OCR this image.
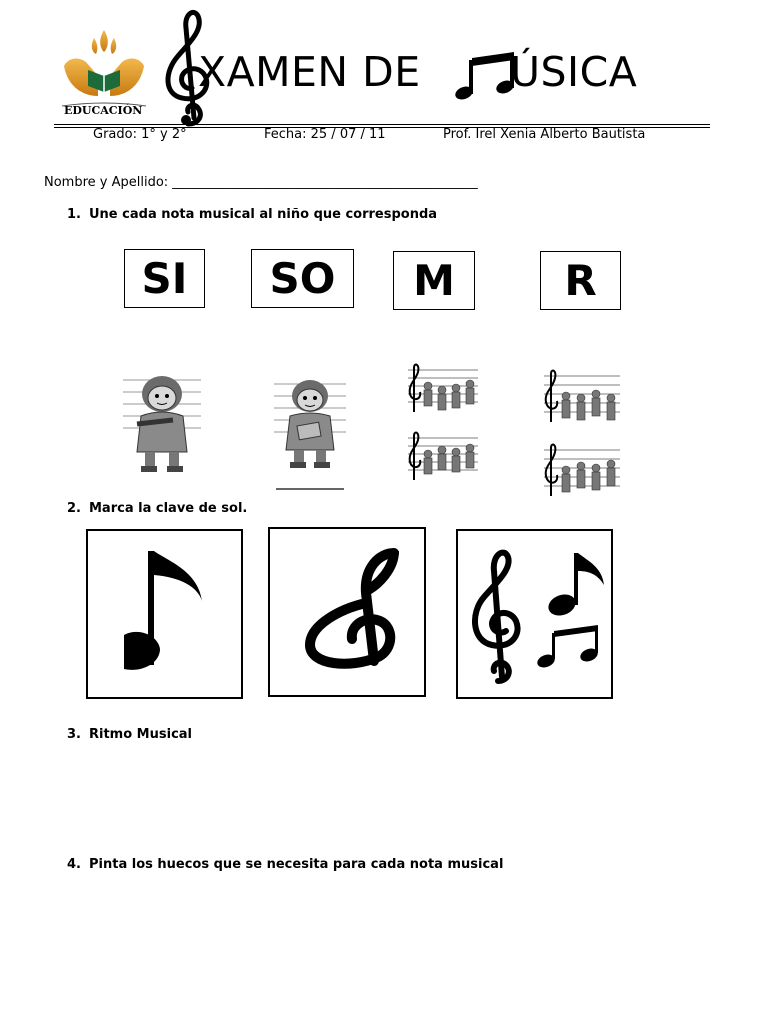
EDUCACIÓN
XAMEN DE ÚSICA
Grado: 1° y 2°	Fecha: 25 / 07 / 11	Prof. Irel Xenia Alberto Bautista
Nombre y Apellido: _______________________________________________
1. Une cada nota musical al niño que corresponda
SI	SO	M	R
2. Marca la clave de sol.
3. Ritmo Musical
4. Pinta los huecos que se necesita para cada nota musical
